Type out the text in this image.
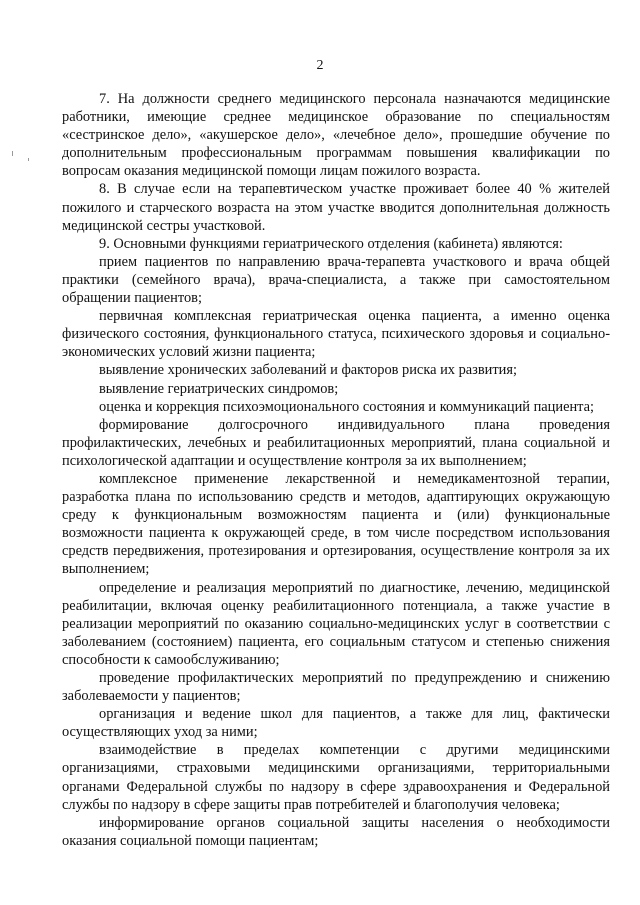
2

7. На должности среднего медицинского персонала назначаются медицинские работники, имеющие среднее медицинское образование по специальностям «сестринское дело», «акушерское дело», «лечебное дело», прошедшие обучение по дополнительным профессиональным программам повышения квалификации по вопросам оказания медицинской помощи лицам пожилого возраста.

8. В случае если на терапевтическом участке проживает более 40 % жителей пожилого и старческого возраста на этом участке вводится дополнительная должность медицинской сестры участковой.

9. Основными функциями гериатрического отделения (кабинета) являются:

прием пациентов по направлению врача-терапевта участкового и врача общей практики (семейного врача), врача-специалиста, а также при самостоятельном обращении пациентов;

первичная комплексная гериатрическая оценка пациента, а именно оценка физического состояния, функционального статуса, психического здоровья и социально-экономических условий жизни пациента;

выявление хронических заболеваний и факторов риска их развития;

выявление гериатрических синдромов;

оценка и коррекция психоэмоционального состояния и коммуникаций пациента;

формирование долгосрочного индивидуального плана проведения профилактических, лечебных и реабилитационных мероприятий, плана социальной и психологической адаптации и осуществление контроля за их выполнением;

комплексное применение лекарственной и немедикаментозной терапии, разработка плана по использованию средств и методов, адаптирующих окружающую среду к функциональным возможностям пациента и (или) функциональные возможности пациента к окружающей среде, в том числе посредством использования средств передвижения, протезирования и ортезирования, осуществление контроля за их выполнением;

определение и реализация мероприятий по диагностике, лечению, медицинской реабилитации, включая оценку реабилитационного потенциала, а также участие в реализации мероприятий по оказанию социально-медицинских услуг в соответствии с заболеванием (состоянием) пациента, его социальным статусом и степенью снижения способности к самообслуживанию;

проведение профилактических мероприятий по предупреждению и снижению заболеваемости у пациентов;

организация и ведение школ для пациентов, а также для лиц, фактически осуществляющих уход за ними;

взаимодействие в пределах компетенции с другими медицинскими организациями, страховыми медицинскими организациями, территориальными органами Федеральной службы по надзору в сфере здравоохранения и Федеральной службы по надзору в сфере защиты прав потребителей и благополучия человека;

информирование органов социальной защиты населения о необходимости оказания социальной помощи пациентам;
